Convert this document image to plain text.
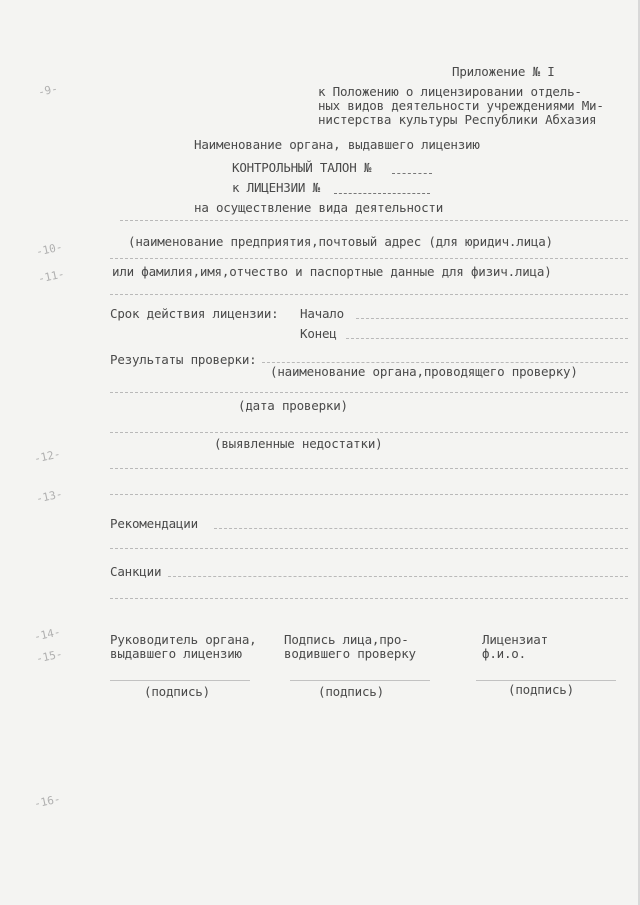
-9-
-10-
-11-
-12-
-13-
-14-
-15-
-16-
Приложение № I
к Положению о лицензировании отдель-
ных видов деятельности учреждениями Ми-
нистерства культуры Республики Абхазия
Наименование органа, выдавшего лицензию
КОНТРОЛЬНЫЙ ТАЛОН №
к ЛИЦЕНЗИИ №
на осуществление вида деятельности
(наименование предприятия,почтовый адрес (для юридич.лица)
или фамилия,имя,отчество и паспортные данные для физич.лица)
Срок действия лицензии: Начало
Конец
Результаты проверки:
(наименование органа,проводящего проверку)
(дата проверки)
(выявленные недостатки)
Рекомендации
Санкции
Руководитель органа,
выдавшего лицензию
Подпись лица,про-
водившего проверку
Лицензиат
ф.и.о.
(подпись)	(подпись)	(подпись)
